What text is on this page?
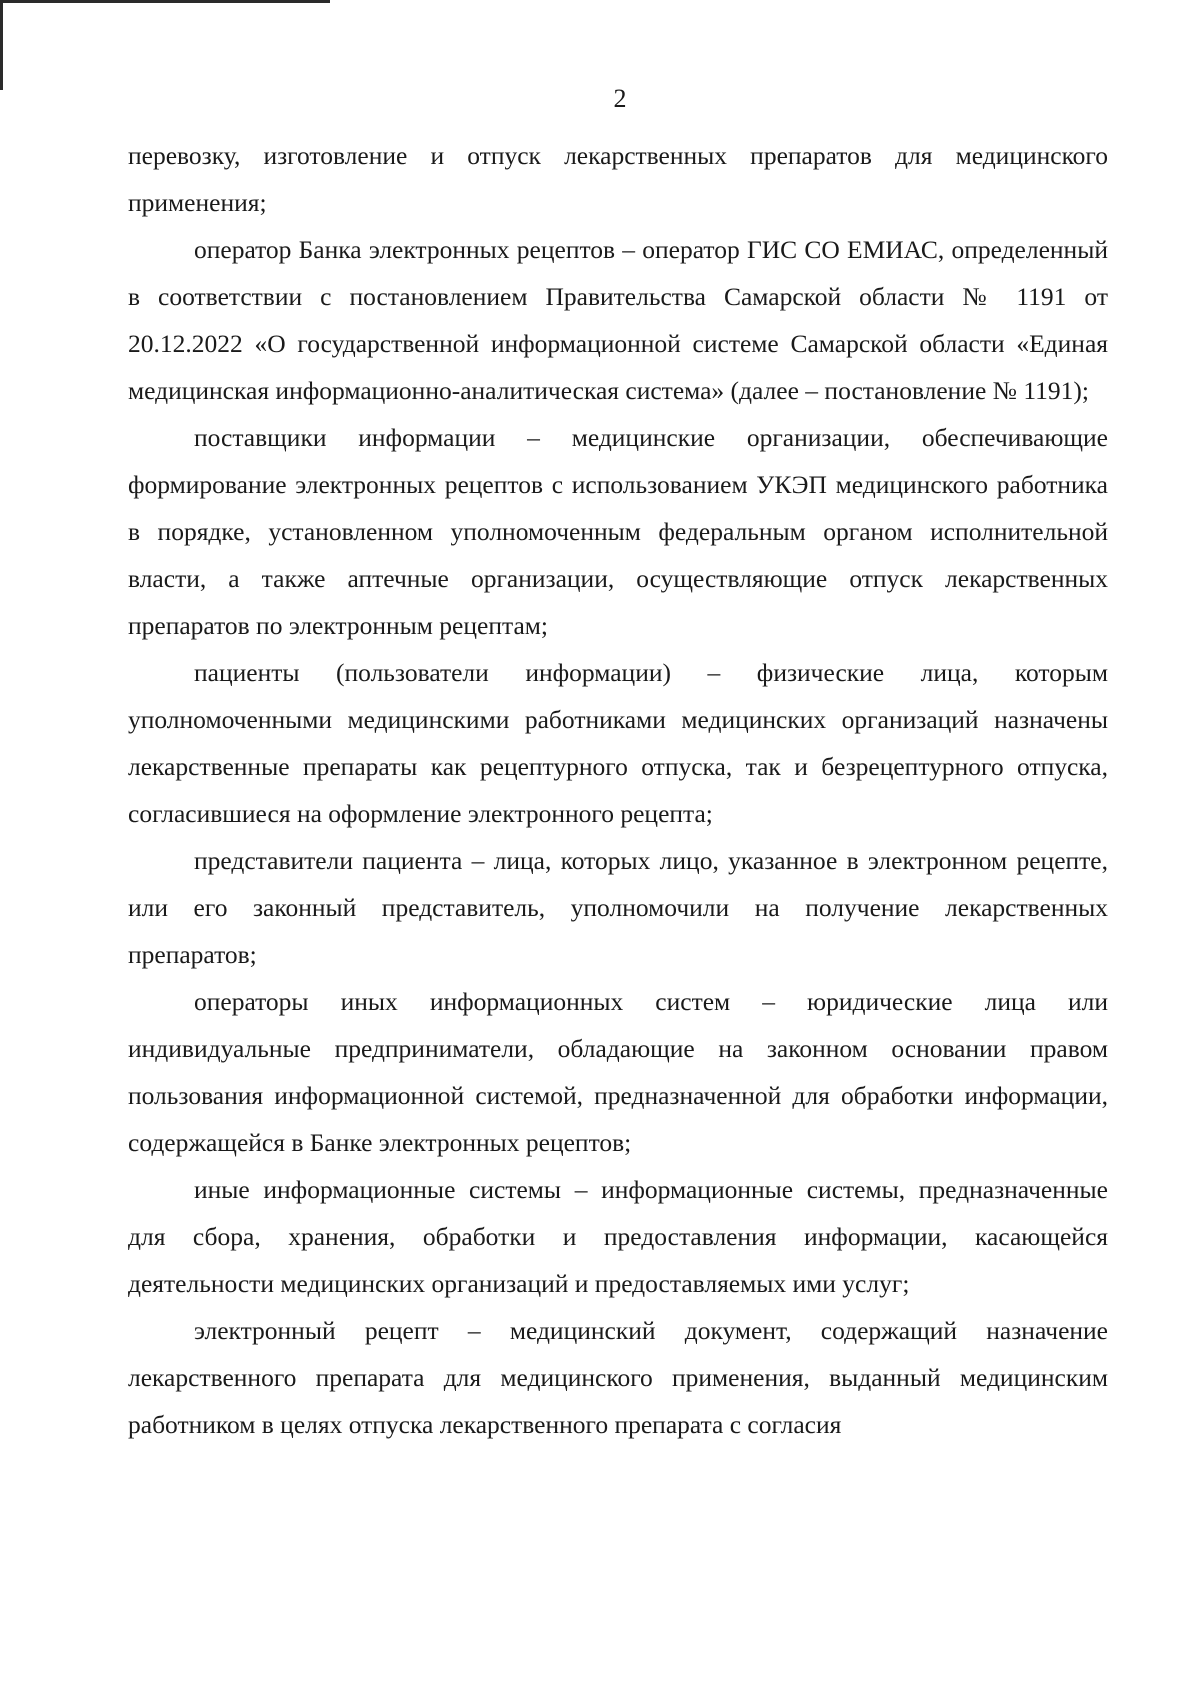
2

перевозку, изготовление и отпуск лекарственных препаратов для медицинского применения;

оператор Банка электронных рецептов – оператор ГИС СО ЕМИАС, определенный в соответствии с постановлением Правительства Самарской области № 1191 от 20.12.2022 «О государственной информационной системе Самарской области «Единая медицинская информационно-аналитическая система» (далее – постановление № 1191);

поставщики информации – медицинские организации, обеспечивающие формирование электронных рецептов с использованием УКЭП медицинского работника в порядке, установленном уполномоченным федеральным органом исполнительной власти, а также аптечные организации, осуществляющие отпуск лекарственных препаратов по электронным рецептам;

пациенты (пользователи информации) – физические лица, которым уполномоченными медицинскими работниками медицинских организаций назначены лекарственные препараты как рецептурного отпуска, так и безрецептурного отпуска, согласившиеся на оформление электронного рецепта;

представители пациента – лица, которых лицо, указанное в электронном рецепте, или его законный представитель, уполномочили на получение лекарственных препаратов;

операторы иных информационных систем – юридические лица или индивидуальные предприниматели, обладающие на законном основании правом пользования информационной системой, предназначенной для обработки информации, содержащейся в Банке электронных рецептов;

иные информационные системы – информационные системы, предназначенные для сбора, хранения, обработки и предоставления информации, касающейся деятельности медицинских организаций и предоставляемых ими услуг;

электронный рецепт – медицинский документ, содержащий назначение лекарственного препарата для медицинского применения, выданный медицинским работником в целях отпуска лекарственного препарата с согласия
